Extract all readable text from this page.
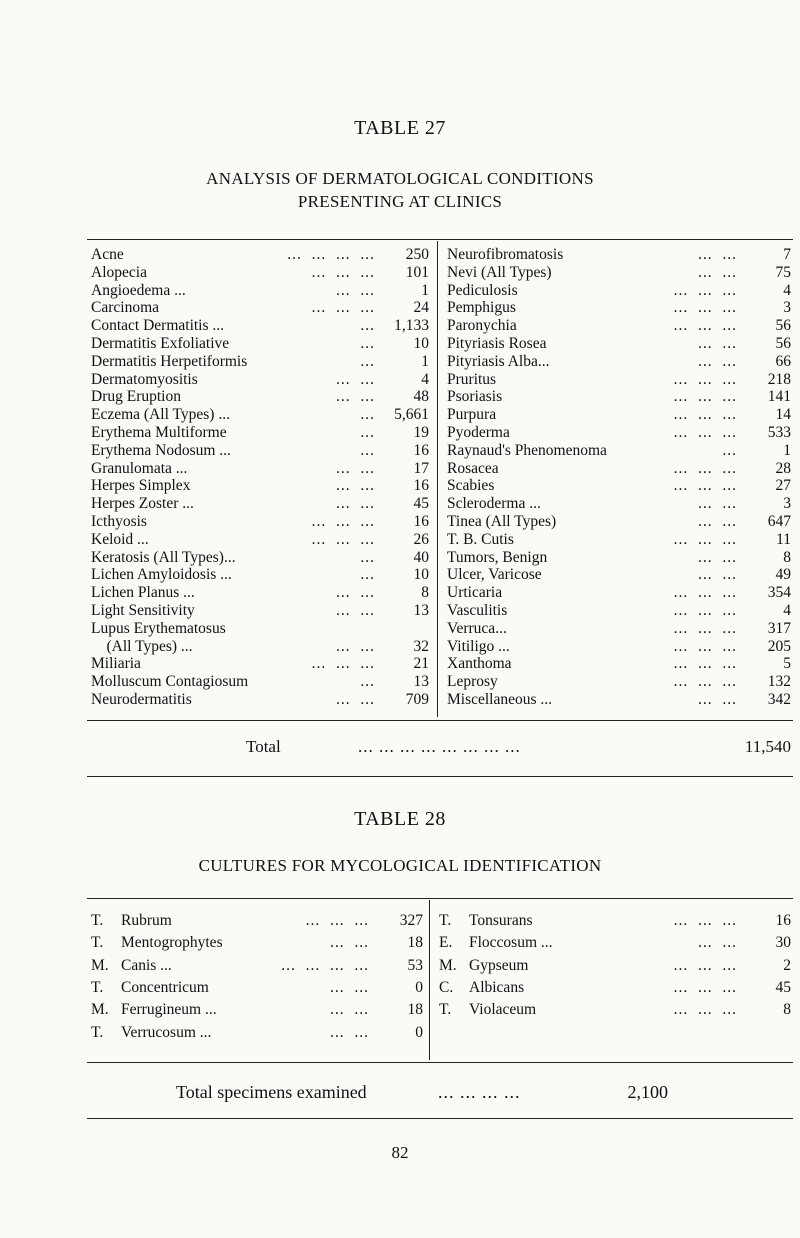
TABLE 27
ANALYSIS OF DERMATOLOGICAL CONDITIONS
PRESENTING AT CLINICS
Acne	...  ...  ...  ... 250
Alopecia	...  ...  ... 101
Angioedema ...	...  ...	1
Carcinoma	...  ...  ... 24
Contact Dermatitis ...	... 1,133
Dermatitis Exfoliative	... 10
Dermatitis Herpetiformis	...	1
Dermatomyositis	...  ...	4
Drug Eruption	...  ... 48
Eczema (All Types) ...	... 5,661
Erythema Multiforme	... 19
Erythema Nodosum ...	... 16
Granulomata ...	...  ... 17
Herpes Simplex	...  ... 16
Herpes Zoster ...	...  ... 45
Icthyosis	...  ...  ... 16
Keloid ...	...  ...  ... 26
Keratosis (All Types)...	... 40
Lichen Amyloidosis ...	... 10
Lichen Planus ...	...  ...	8
Light Sensitivity	...  ... 13
Lupus Erythematosus
(All Types) ...	...  ... 32
Miliaria	...  ...  ... 21
Molluscum Contagiosum	... 13
Neurodermatitis	...  ... 709
Neurofibromatosis	...  ...	7
Nevi (All Types)	...  ... 75
Pediculosis	...  ...  ...	4
Pemphigus	...  ...  ...	3
Paronychia	...  ...  ... 56
Pityriasis Rosea	...  ... 56
Pityriasis Alba...	...  ... 66
Pruritus	...  ...  ... 218
Psoriasis	...  ...  ... 141
Purpura	...  ...  ... 14
Pyoderma	...  ...  ... 533
Raynaud's Phenomenoma	...	1
Rosacea	...  ...  ... 28
Scabies	...  ...  ... 27
Scleroderma ...	...  ...	3
Tinea (All Types)	...  ... 647
T. B. Cutis	...  ...  ...	11
Tumors, Benign	...  ...	8
Ulcer, Varicose	...  ... 49
Urticaria	...  ...  ... 354
Vasculitis	...  ...  ...	4
Verruca...	...  ...  ... 317
Vitiligo ...	...  ...  ... 205
Xanthoma	...  ...  ...	5
Leprosy	...  ...  ... 132
Miscellaneous ...	...  ... 342
Total	... ... ... ... ... ... ... ...	11,540
TABLE 28
CULTURES FOR MYCOLOGICAL IDENTIFICATION
T. Rubrum	...  ...  ... 327
T. Mentogrophytes	...  ... 18
M. Canis ...	...  ...  ...  ... 53
T. Concentricum	...  ...	0
M. Ferrugineum ...	...  ... 18
T. Verrucosum ...	...  ...	0
T. Tonsurans	...  ...  ... 16
E. Floccosum ...	...  ... 30
M. Gypseum	...  ...  ...	2
C. Albicans	...  ...  ... 45
T. Violaceum	...  ...  ...	8
Total specimens examined	... ... ... ...	2,100
82
